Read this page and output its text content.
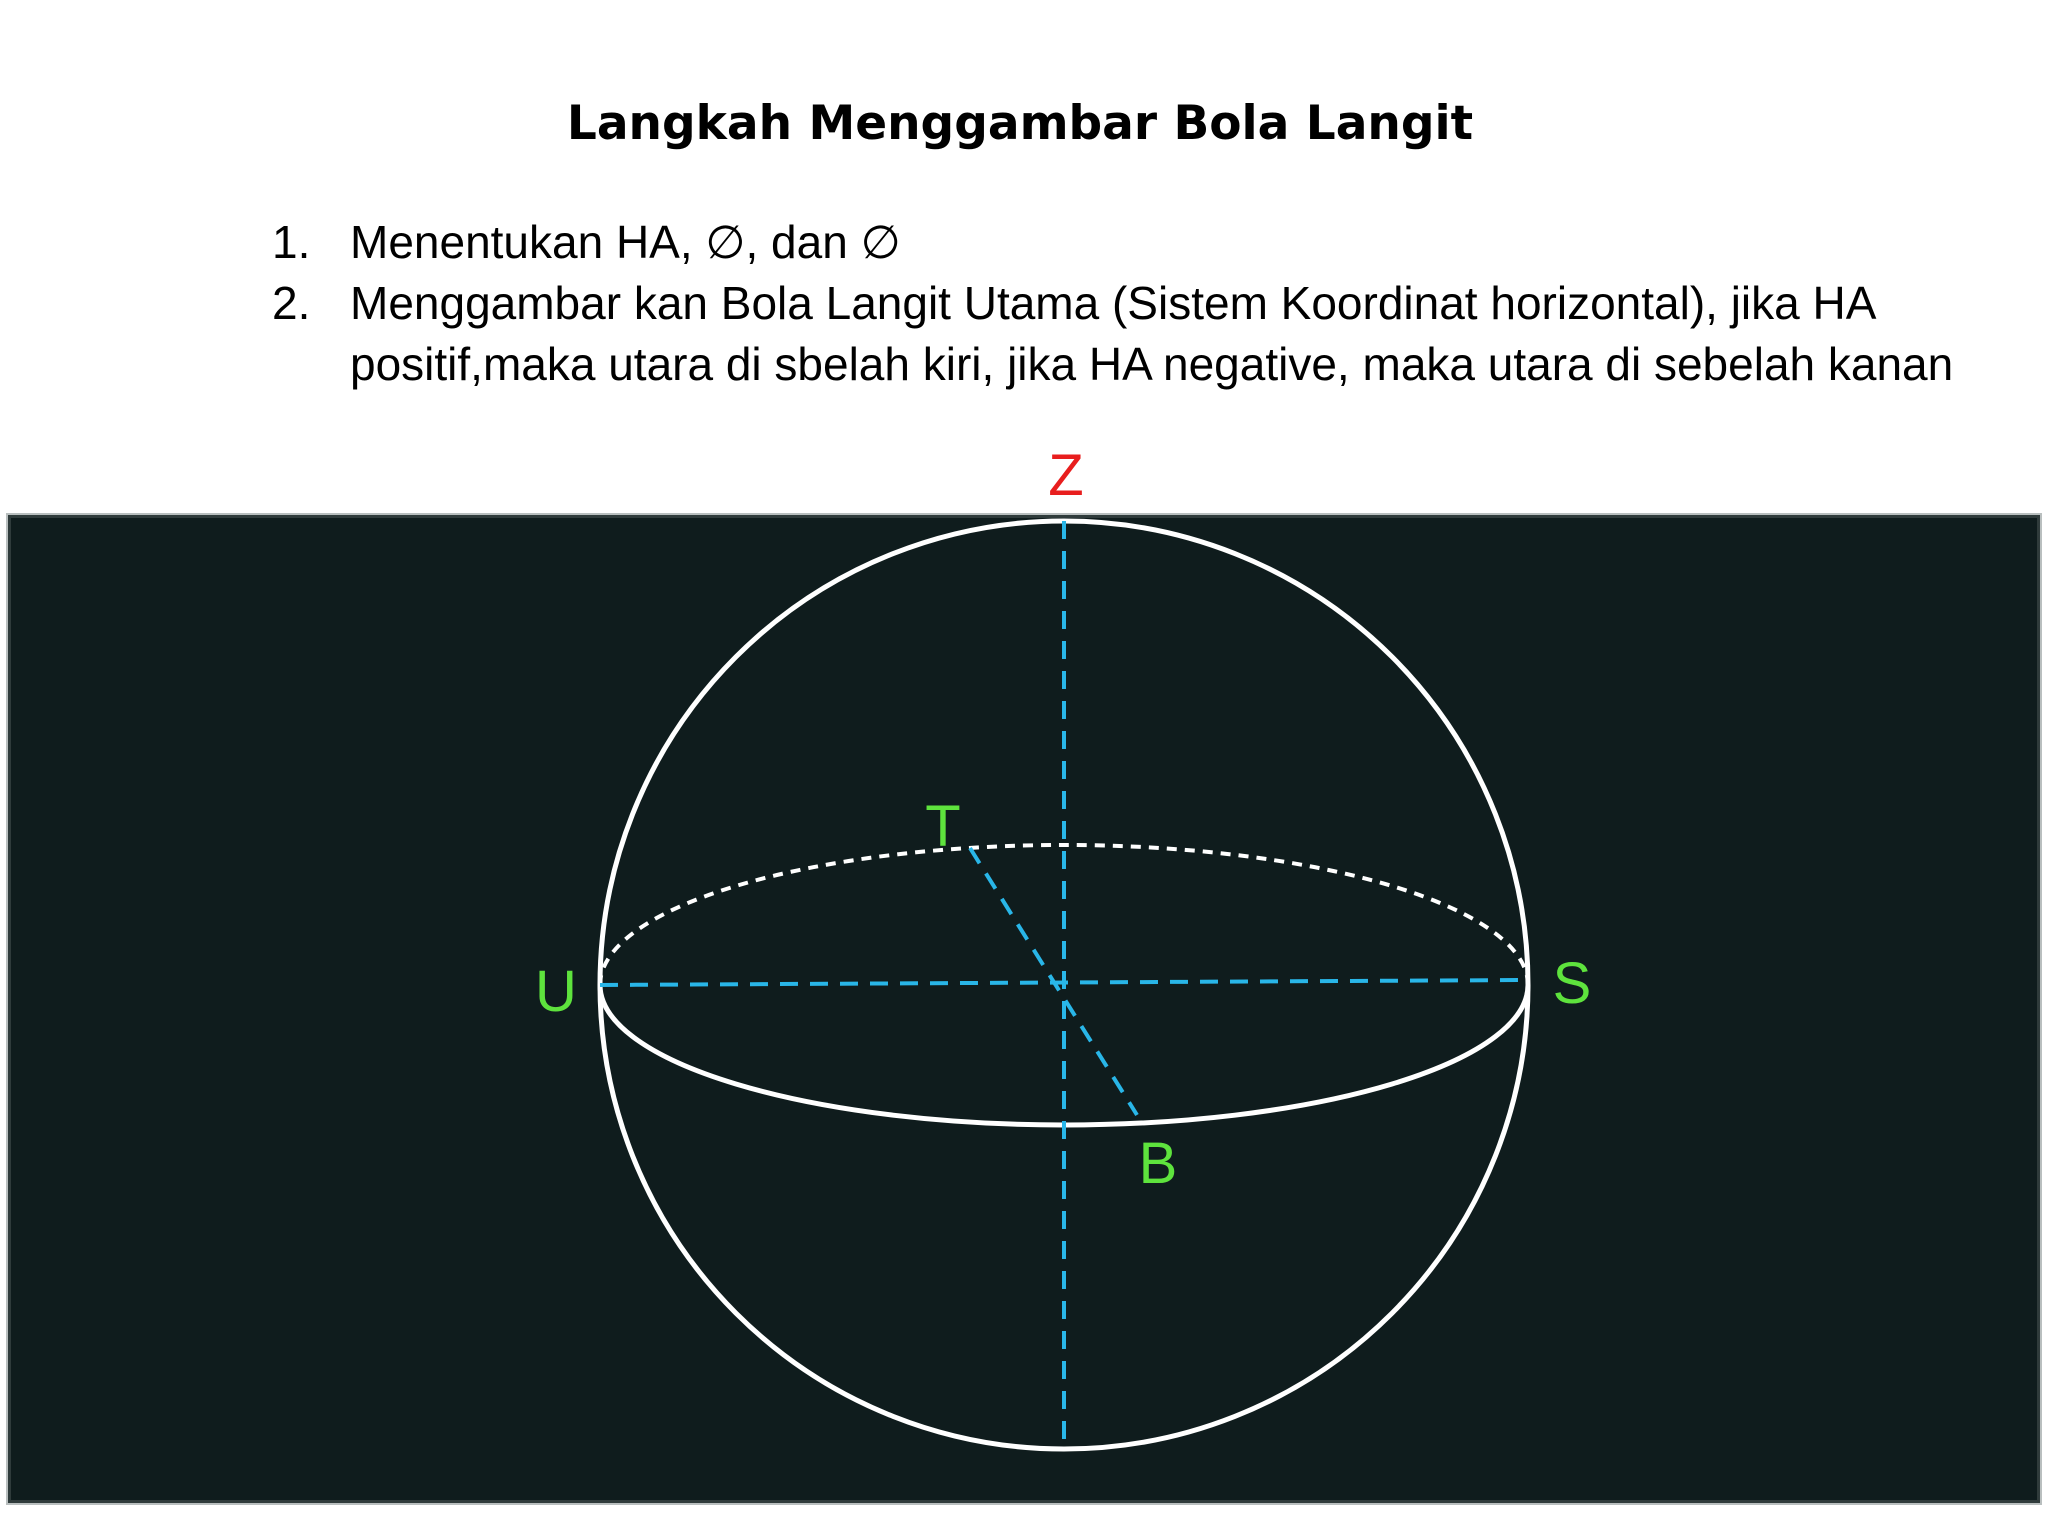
Langkah Menggambar Bola Langit
1. Menentukan HA, ∅, dan ∅
2. Menggambar kan Bola Langit Utama (Sistem Koordinat horizontal), jika HA positif,maka utara di sbelah kiri, jika HA negative, maka utara di sebelah kanan
Z
U	S
T
B
